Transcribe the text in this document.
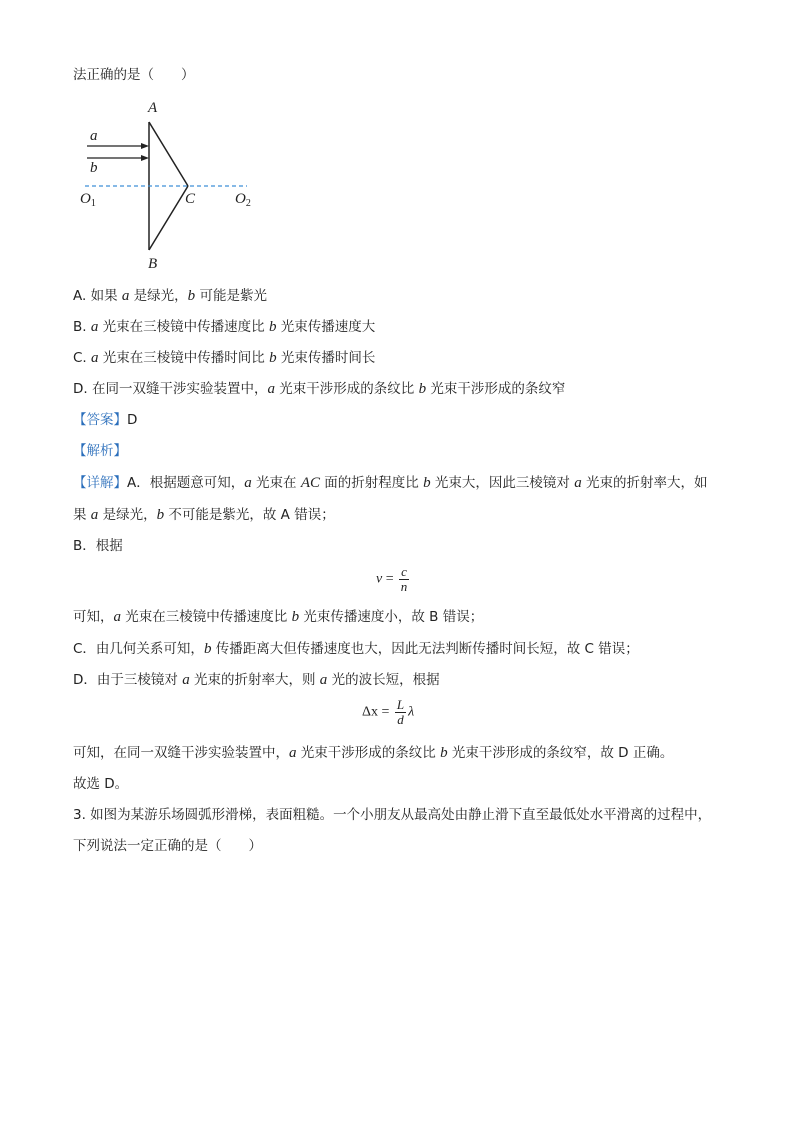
法正确的是（　　）
A
B
C
a
b
$O_1$	$O_2$
A. 如果 a 是绿光，b 可能是紫光
B. a 光束在三棱镜中传播速度比 b 光束传播速度大
C. a 光束在三棱镜中传播时间比 b 光束传播时间长
D. 在同一双缝干涉实验装置中，a 光束干涉形成的条纹比 b 光束干涉形成的条纹窄
【答案】D
【解析】
【详解】A．根据题意可知，a 光束在 AC 面的折射程度比 b 光束大，因此三棱镜对 a 光束的折射率大，如
果 a 是绿光，b 不可能是紫光，故 A 错误；
B．根据
$v = \frac{c}{n}$
可知，a 光束在三棱镜中传播速度比 b 光束传播速度小，故 B 错误；
C．由几何关系可知，b 传播距离大但传播速度也大，因此无法判断传播时间长短，故 C 错误；
D．由于三棱镜对 a 光束的折射率大，则 a 光的波长短，根据
$\Delta x = \frac{L}{d}$ λ
可知，在同一双缝干涉实验装置中，a 光束干涉形成的条纹比 b 光束干涉形成的条纹窄，故 D 正确。
故选 D。
3. 如图为某游乐场圆弧形滑梯，表面粗糙。一个小朋友从最高处由静止滑下直至最低处水平滑离的过程中，
下列说法一定正确的是（　　）
